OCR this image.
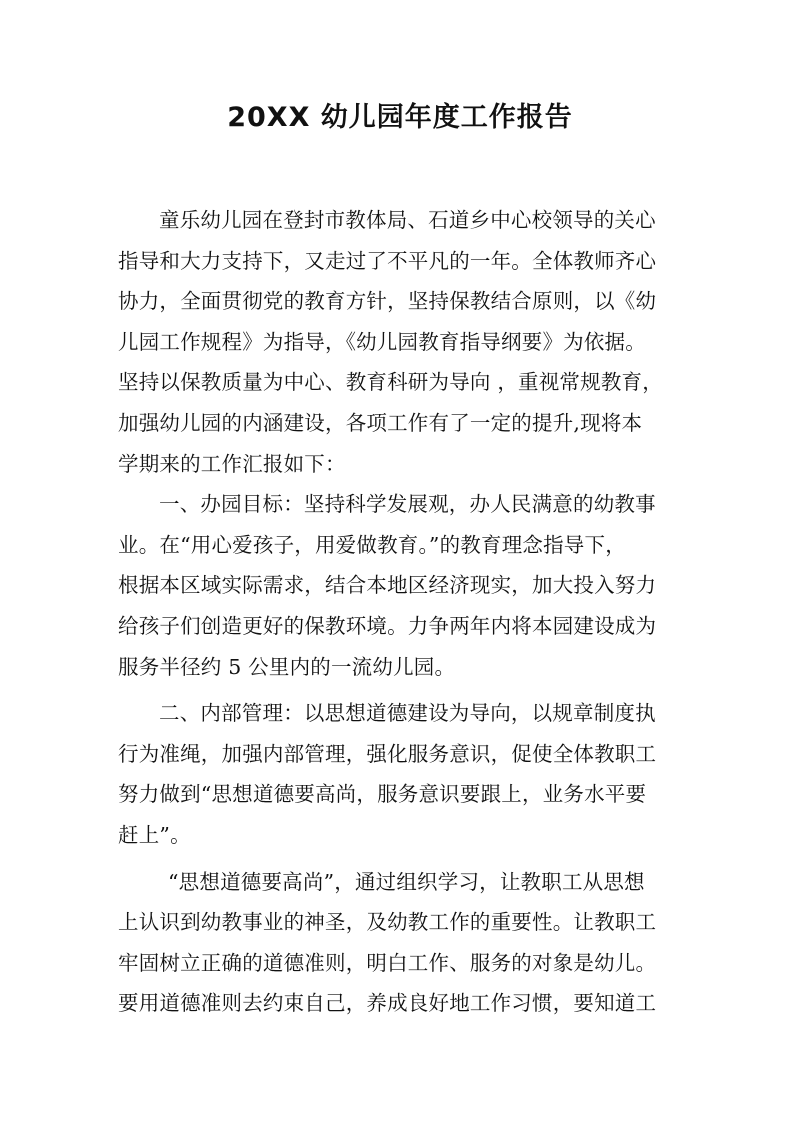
20XX 幼儿园年度工作报告

童乐幼儿园在登封市教体局、石道乡中心校领导的关心
指导和大力支持下，又走过了不平凡的一年。全体教师齐心
协力，全面贯彻党的教育方针，坚持保教结合原则，以《幼
儿园工作规程》为指导，《幼儿园教育指导纲要》为依据。
坚持以保教质量为中心、教育科研为导向 ，重视常规教育，
加强幼儿园的内涵建设，各项工作有了一定的提升,现将本
学期来的工作汇报如下：

一、办园目标：坚持科学发展观，办人民满意的幼教事
业。在“用心爱孩子，用爱做教育。”的教育理念指导下，
根据本区域实际需求，结合本地区经济现实，加大投入努力
给孩子们创造更好的保教环境。力争两年内将本园建设成为
服务半径约 5 公里内的一流幼儿园。

二、内部管理：以思想道德建设为导向，以规章制度执
行为准绳，加强内部管理，强化服务意识，促使全体教职工
努力做到“思想道德要高尚，服务意识要跟上，业务水平要
赶上”。

“思想道德要高尚”，通过组织学习，让教职工从思想
上认识到幼教事业的神圣，及幼教工作的重要性。让教职工
牢固树立正确的道德准则，明白工作、服务的对象是幼儿。
要用道德准则去约束自己，养成良好地工作习惯，要知道工
